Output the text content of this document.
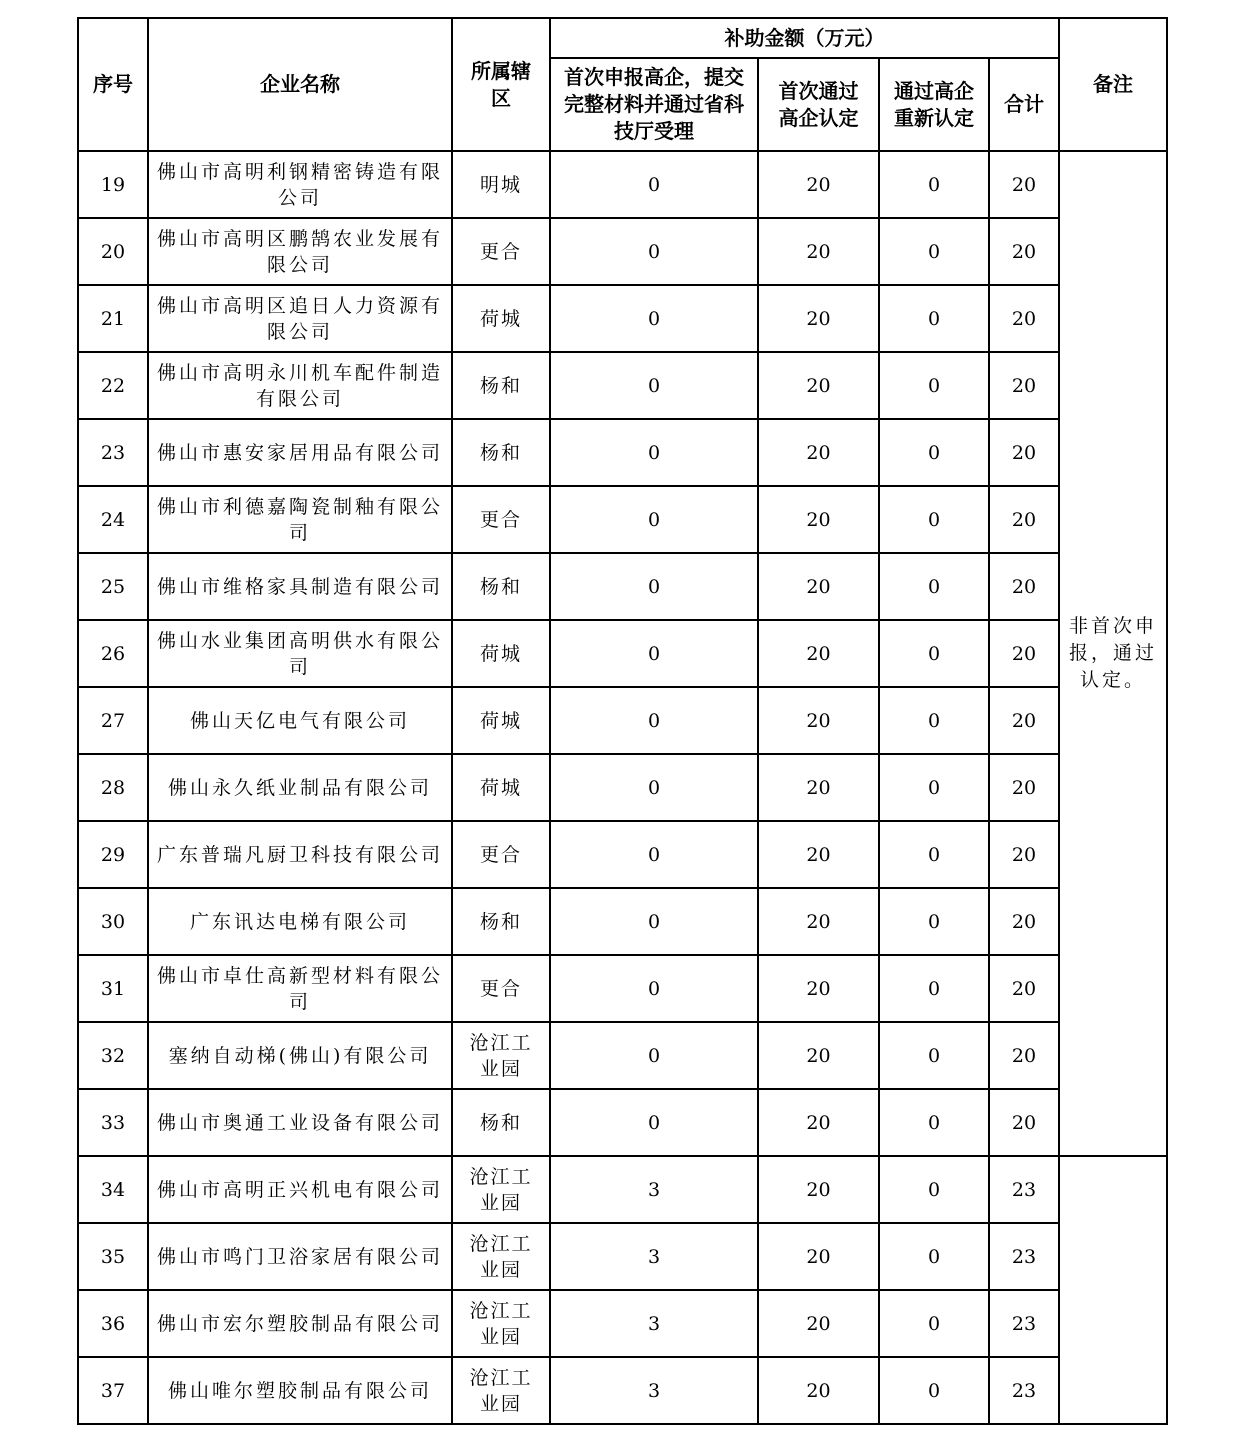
序号	企业名称	所属辖区	补助金额（万元）				备注
			首次申报高企，提交完整材料并通过省科技厅受理	首次通过高企认定	通过高企重新认定	合计	
19	佛山市高明利钢精密铸造有限公司	明城	0	20	0	20	非首次申报，通过认定。
20	佛山市高明区鹏鹄农业发展有限公司	更合	0	20	0	20	
21	佛山市高明区追日人力资源有限公司	荷城	0	20	0	20	
22	佛山市高明永川机车配件制造有限公司	杨和	0	20	0	20	
23	佛山市惠安家居用品有限公司	杨和	0	20	0	20	
24	佛山市利德嘉陶瓷制釉有限公司	更合	0	20	0	20	
25	佛山市维格家具制造有限公司	杨和	0	20	0	20	
26	佛山水业集团高明供水有限公司	荷城	0	20	0	20	
27	佛山天亿电气有限公司	荷城	0	20	0	20	
28	佛山永久纸业制品有限公司	荷城	0	20	0	20	
29	广东普瑞凡厨卫科技有限公司	更合	0	20	0	20	
30	广东讯达电梯有限公司	杨和	0	20	0	20	
31	佛山市卓仕高新型材料有限公司	更合	0	20	0	20	
32	塞纳自动梯(佛山)有限公司	沧江工业园	0	20	0	20	
33	佛山市奥通工业设备有限公司	杨和	0	20	0	20	
34	佛山市高明正兴机电有限公司	沧江工业园	3	20	0	23	
35	佛山市鸣门卫浴家居有限公司	沧江工业园	3	20	0	23	
36	佛山市宏尔塑胶制品有限公司	沧江工业园	3	20	0	23	
37	佛山唯尔塑胶制品有限公司	沧江工业园	3	20	0	23	
